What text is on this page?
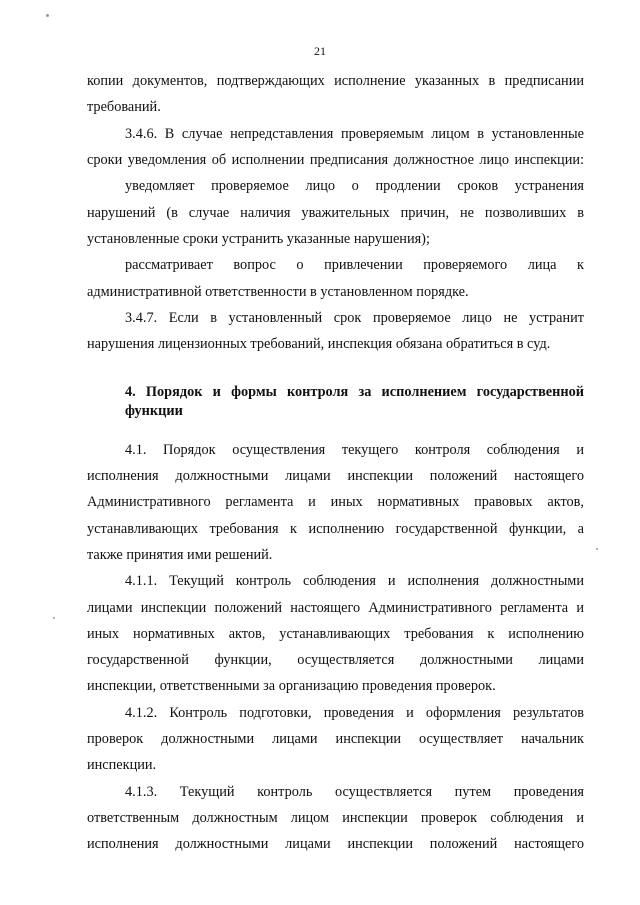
21
копии документов, подтверждающих исполнение указанных в предписании
требований.
3.4.6. В случае непредставления проверяемым лицом в установленные
сроки уведомления об исполнении предписания должностное лицо инспекции:
уведомляет проверяемое лицо о продлении сроков устранения
нарушений (в случае наличия уважительных причин, не позволивших в
установленные сроки устранить указанные нарушения);
рассматривает вопрос о привлечении проверяемого лица к
административной ответственности в установленном порядке.
3.4.7. Если в установленный срок проверяемое лицо не устранит
нарушения лицензионных требований, инспекция обязана обратиться в суд.
4. Порядок и формы контроля за исполнением государственной
функции
4.1. Порядок осуществления текущего контроля соблюдения и
исполнения должностными лицами инспекции положений настоящего
Административного регламента и иных нормативных правовых актов,
устанавливающих требования к исполнению государственной функции, а
также принятия ими решений.
4.1.1. Текущий контроль соблюдения и исполнения должностными
лицами инспекции положений настоящего Административного регламента и
иных нормативных актов, устанавливающих требования к исполнению
государственной функции, осуществляется должностными лицами
инспекции, ответственными за организацию проведения проверок.
4.1.2. Контроль подготовки, проведения и оформления результатов
проверок должностными лицами инспекции осуществляет начальник
инспекции.
4.1.3. Текущий контроль осуществляется путем проведения
ответственным должностным лицом инспекции проверок соблюдения и
исполнения должностными лицами инспекции положений настоящего
